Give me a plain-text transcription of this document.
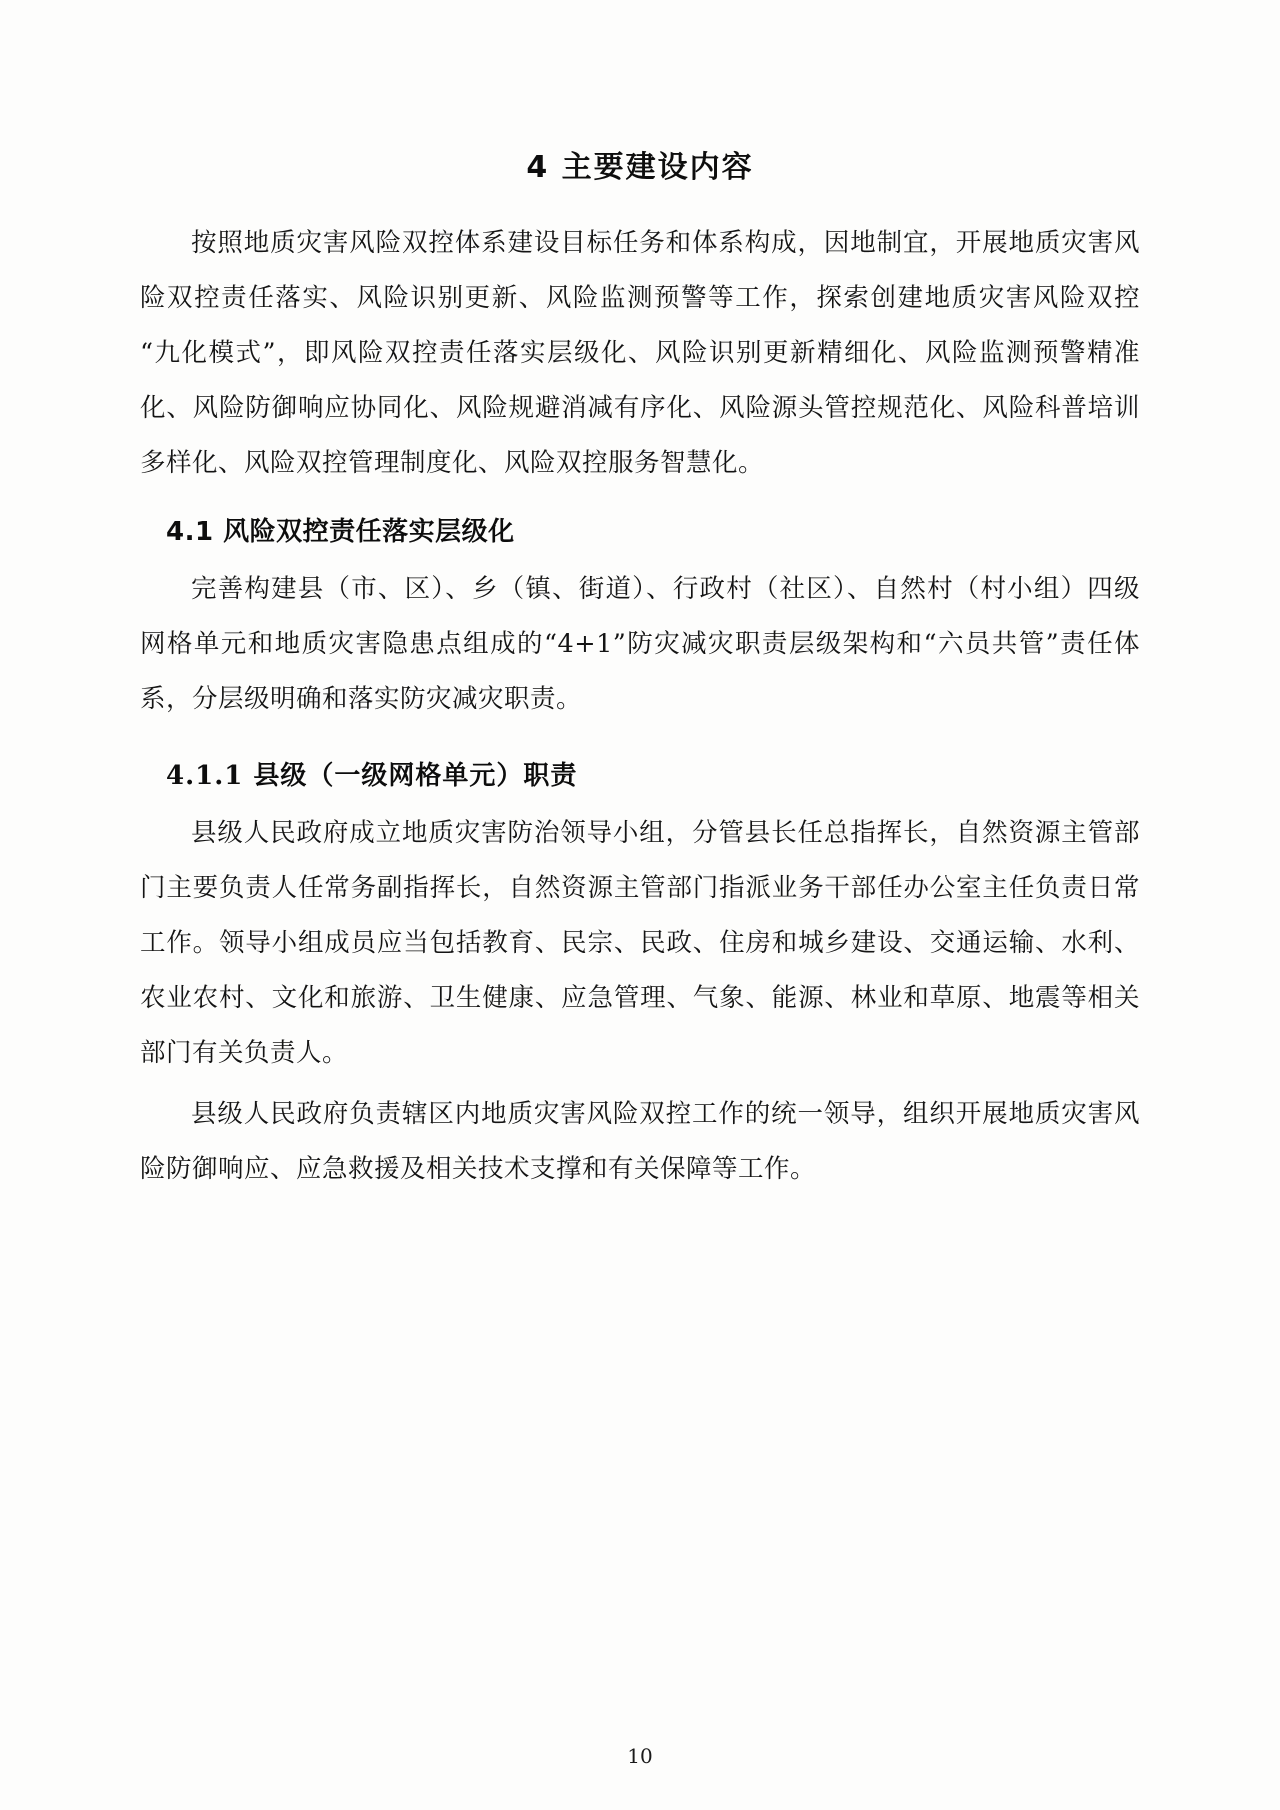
4 主要建设内容

按照地质灾害风险双控体系建设目标任务和体系构成，因地制宜，开展地质灾害风险双控责任落实、风险识别更新、风险监测预警等工作，探索创建地质灾害风险双控“九化模式”，即风险双控责任落实层级化、风险识别更新精细化、风险监测预警精准化、风险防御响应协同化、风险规避消减有序化、风险源头管控规范化、风险科普培训多样化、风险双控管理制度化、风险双控服务智慧化。

4.1 风险双控责任落实层级化

完善构建县（市、区）、乡（镇、街道）、行政村（社区）、自然村（村小组）四级网格单元和地质灾害隐患点组成的“4+1”防灾减灾职责层级架构和“六员共管”责任体系，分层级明确和落实防灾减灾职责。

4.1.1 县级（一级网格单元）职责

县级人民政府成立地质灾害防治领导小组，分管县长任总指挥长，自然资源主管部门主要负责人任常务副指挥长，自然资源主管部门指派业务干部任办公室主任负责日常工作。领导小组成员应当包括教育、民宗、民政、住房和城乡建设、交通运输、水利、农业农村、文化和旅游、卫生健康、应急管理、气象、能源、林业和草原、地震等相关部门有关负责人。

县级人民政府负责辖区内地质灾害风险双控工作的统一领导，组织开展地质灾害风险防御响应、应急救援及相关技术支撑和有关保障等工作。

10
